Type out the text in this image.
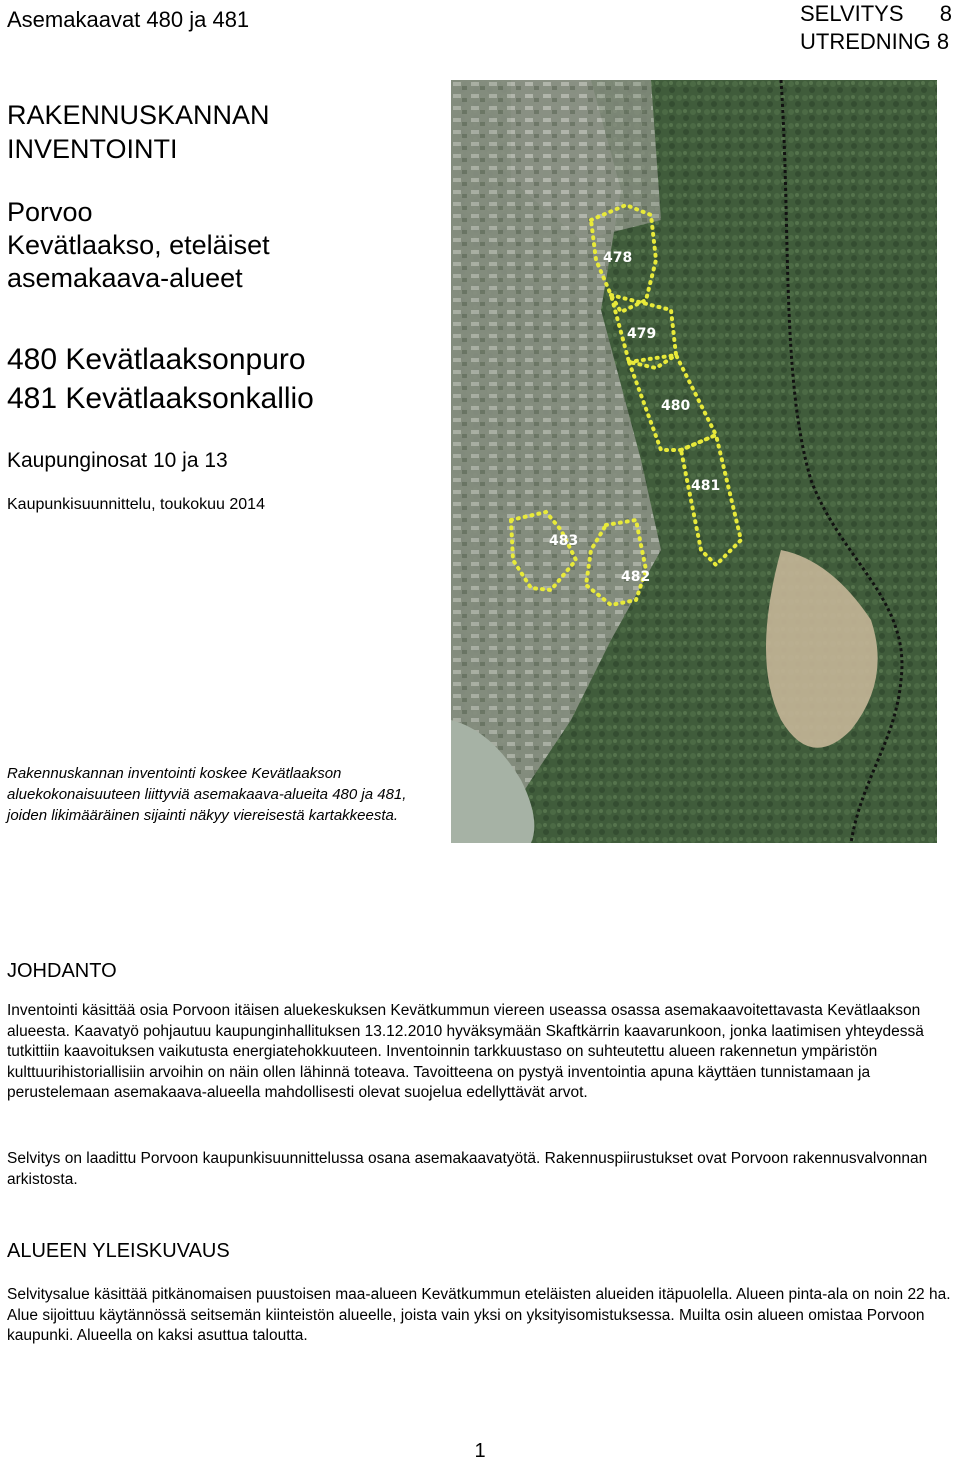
Asemakaavat 480 ja 481	SELVITYS 8
UTREDNING 8
RAKENNUSKANNAN
INVENTOINTI
Porvoo
Kevätlaakso, eteläiset
asemakaava-alueet
480 Kevätlaaksonpuro
481 Kevätlaaksonkallio
Kaupunginosat 10 ja 13
Kaupunkisuunnittelu, toukokuu 2014
Rakennuskannan inventointi koskee Kevätlaakson aluekokonaisuuteen liittyviä asemakaava-alueita 480 ja 481, joiden likimääräinen sijainti näkyy viereisestä kartakkeesta.
478
479
480
481
483
482
JOHDANTO

Inventointi käsittää osia Porvoon itäisen aluekeskuksen Kevätkummun viereen useassa osassa asemakaavoitettavasta Kevätlaakson alueesta. Kaavatyö pohjautuu kaupunginhallituksen 13.12.2010 hyväksymään Skaftkärrin kaavarunkoon, jonka laatimisen yhteydessä tutkittiin kaavoituksen vaikutusta energiatehokkuuteen. Inventoinnin tarkkuustaso on suhteutettu alueen rakennetun ympäristön kulttuurihistoriallisiin arvoihin on näin ollen lähinnä toteava. Tavoitteena on pystyä inventointia apuna käyttäen tunnistamaan ja perustelemaan asemakaava-alueella mahdollisesti olevat suojelua edellyttävät arvot.

Selvitys on laadittu Porvoon kaupunkisuunnittelussa osana asemakaavatyötä. Rakennuspiirustukset ovat Porvoon rakennusvalvonnan arkistosta.

ALUEEN YLEISKUVAUS

Selvitysalue käsittää pitkänomaisen puustoisen maa-alueen Kevätkummun eteläisten alueiden itäpuolella. Alueen pinta-ala on noin 22 ha. Alue sijoittuu käytännössä seitsemän kiinteistön alueelle, joista vain yksi on yksityisomistuksessa. Muilta osin alueen omistaa Porvoon kaupunki. Alueella on kaksi asuttua taloutta.

1
